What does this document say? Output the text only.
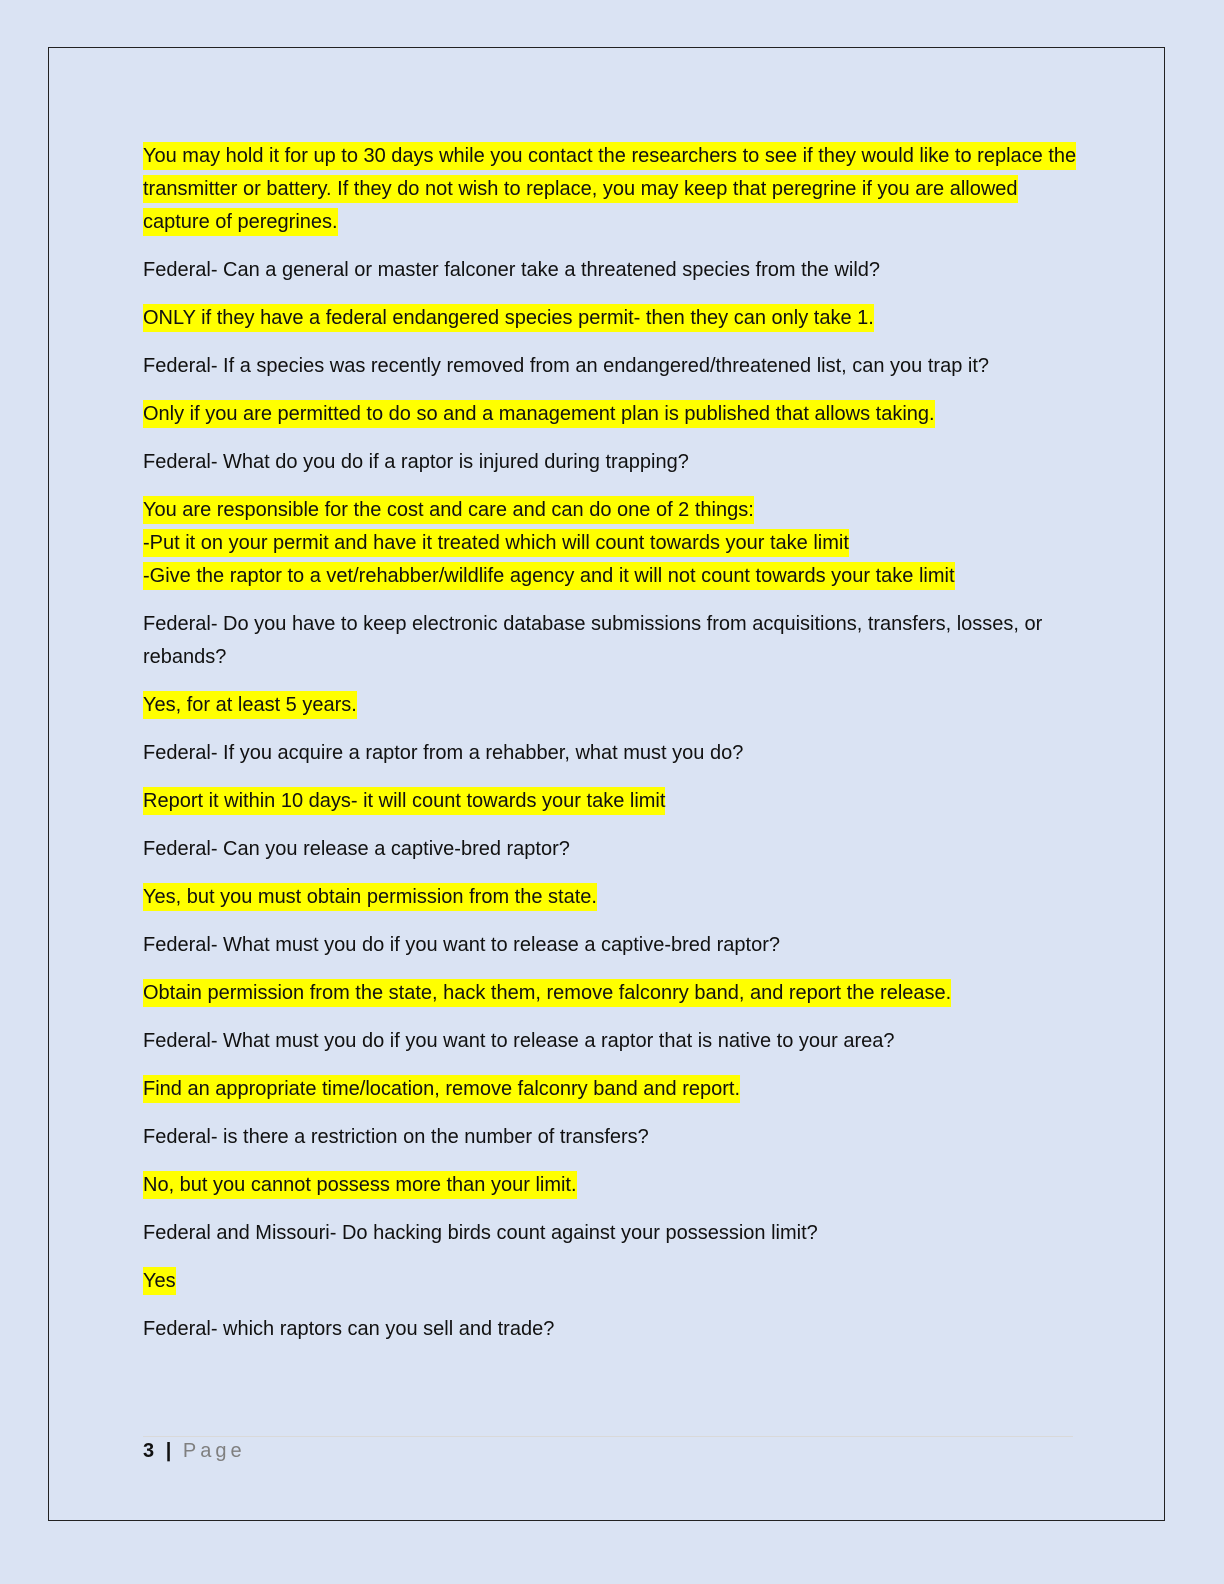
You may hold it for up to 30 days while you contact the researchers to see if they would like to replace the transmitter or battery. If they do not wish to replace, you may keep that peregrine if you are allowed capture of peregrines.

Federal- Can a general or master falconer take a threatened species from the wild?

ONLY if they have a federal endangered species permit- then they can only take 1.

Federal- If a species was recently removed from an endangered/threatened list, can you trap it?

Only if you are permitted to do so and a management plan is published that allows taking.

Federal- What do you do if a raptor is injured during trapping?

You are responsible for the cost and care and can do one of 2 things:
-Put it on your permit and have it treated which will count towards your take limit
-Give the raptor to a vet/rehabber/wildlife agency and it will not count towards your take limit

Federal- Do you have to keep electronic database submissions from acquisitions, transfers, losses, or rebands?

Yes, for at least 5 years.

Federal- If you acquire a raptor from a rehabber, what must you do?

Report it within 10 days- it will count towards your take limit

Federal- Can you release a captive-bred raptor?

Yes, but you must obtain permission from the state.

Federal- What must you do if you want to release a captive-bred raptor?

Obtain permission from the state, hack them, remove falconry band, and report the release.

Federal- What must you do if you want to release a raptor that is native to your area?

Find an appropriate time/location, remove falconry band and report.

Federal- is there a restriction on the number of transfers?

No, but you cannot possess more than your limit.

Federal and Missouri- Do hacking birds count against your possession limit?

Yes

Federal- which raptors can you sell and trade?

3 | Page
